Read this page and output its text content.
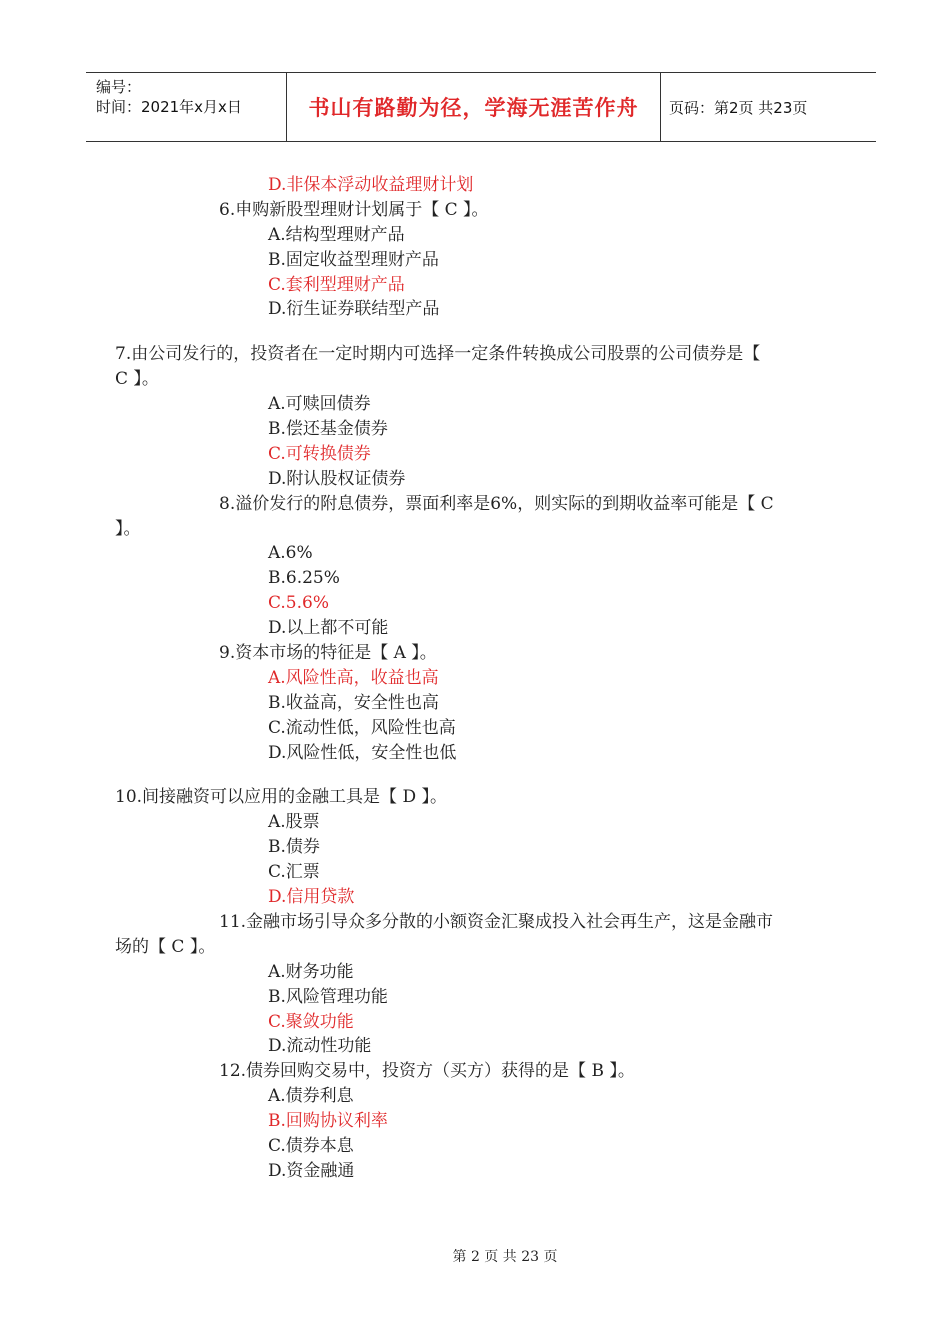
编号：
时间：2021年x月x日	书山有路勤为径，学海无涯苦作舟	页码：第2页 共23页
D.非保本浮动收益理财计划
6.申购新股型理财计划属于【 C 】。
A.结构型理财产品
B.固定收益型理财产品
C.套利型理财产品
D.衍生证券联结型产品
7.由公司发行的，投资者在一定时期内可选择一定条件转换成公司股票的公司债券是【
C 】。
A.可赎回债券
B.偿还基金债券
C.可转换债券
D.附认股权证债券
8.溢价发行的附息债券，票面利率是6%，则实际的到期收益率可能是【 C
】。
A.6%
B.6.25%
C.5.6%
D.以上都不可能
9.资本市场的特征是【 A 】。
A.风险性高，收益也高
B.收益高，安全性也高
C.流动性低，风险性也高
D.风险性低，安全性也低
10.间接融资可以应用的金融工具是【 D 】。
A.股票
B.债券
C.汇票
D.信用贷款
11.金融市场引导众多分散的小额资金汇聚成投入社会再生产，这是金融市
场的【 C 】。
A.财务功能
B.风险管理功能
C.聚敛功能
D.流动性功能
12.债券回购交易中，投资方（买方）获得的是【 B 】。
A.债券利息
B.回购协议利率
C.债券本息
D.资金融通
第 2 页 共 23 页
